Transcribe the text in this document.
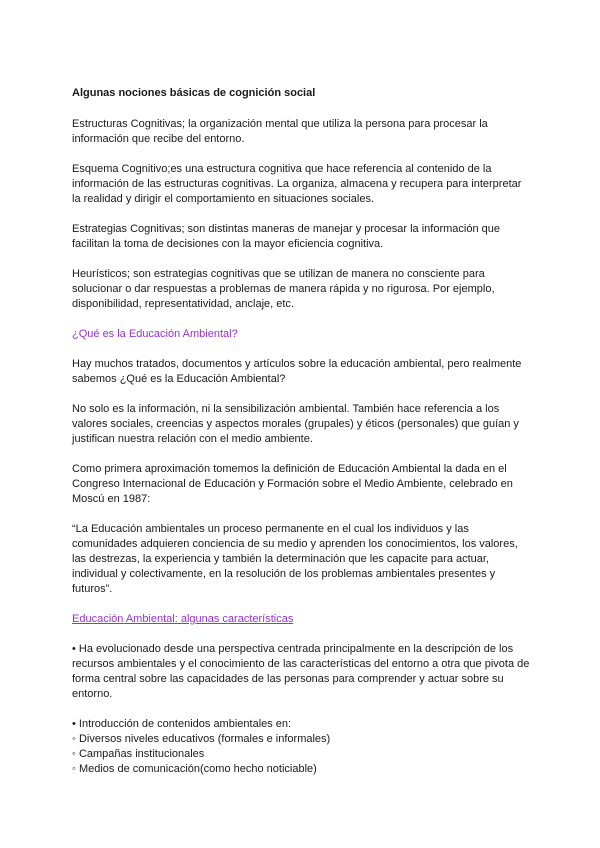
Algunas nociones básicas de cognición social

Estructuras Cognitivas; la organización mental que utiliza la persona para procesar la información que recibe del entorno.

Esquema Cognitivo;es una estructura cognitiva que hace referencia al contenido de la información de las estructuras cognitivas. La organiza, almacena y recupera para interpretar la realidad y dirigir el comportamiento en situaciones sociales.

Estrategias Cognitivas; son distintas maneras de manejar y procesar la información que facilitan la toma de decisiones con la mayor eficiencia cognitiva.

Heurísticos; son estrategias cognitivas que se utilizan de manera no consciente para solucionar o dar respuestas a problemas de manera rápida y no rigurosa. Por ejemplo, disponibilidad, representatividad, anclaje, etc.

¿Qué es la Educación Ambiental?

Hay muchos tratados, documentos y artículos sobre la educación ambiental, pero realmente sabemos ¿Qué es la Educación Ambiental?

No solo es la información, ni la sensibilización ambiental. También hace referencia a los valores sociales, creencias y aspectos morales (grupales) y éticos (personales) que guían y justifican nuestra relación con el medio ambiente.

Como primera aproximación tomemos la definición de Educación Ambiental la dada en el Congreso Internacional de Educación y Formación sobre el Medio Ambiente, celebrado en Moscú en 1987:

“La Educación ambientales un proceso permanente en el cual los individuos y las comunidades adquieren conciencia de su medio y aprenden los conocimientos, los valores, las destrezas, la experiencia y también la determinación que les capacite para actuar, individual y colectivamente, en la resolución de los problemas ambientales presentes y futuros”.

Educación Ambiental: algunas características

• Ha evolucionado desde una perspectiva centrada principalmente en la descripción de los recursos ambientales y el conocimiento de las características del entorno a otra que pivota de forma central sobre las capacidades de las personas para comprender y actuar sobre su entorno.

• Introducción de contenidos ambientales en:
◦ Diversos niveles educativos (formales e informales)
◦ Campañas institucionales
◦ Medios de comunicación(como hecho noticiable)
